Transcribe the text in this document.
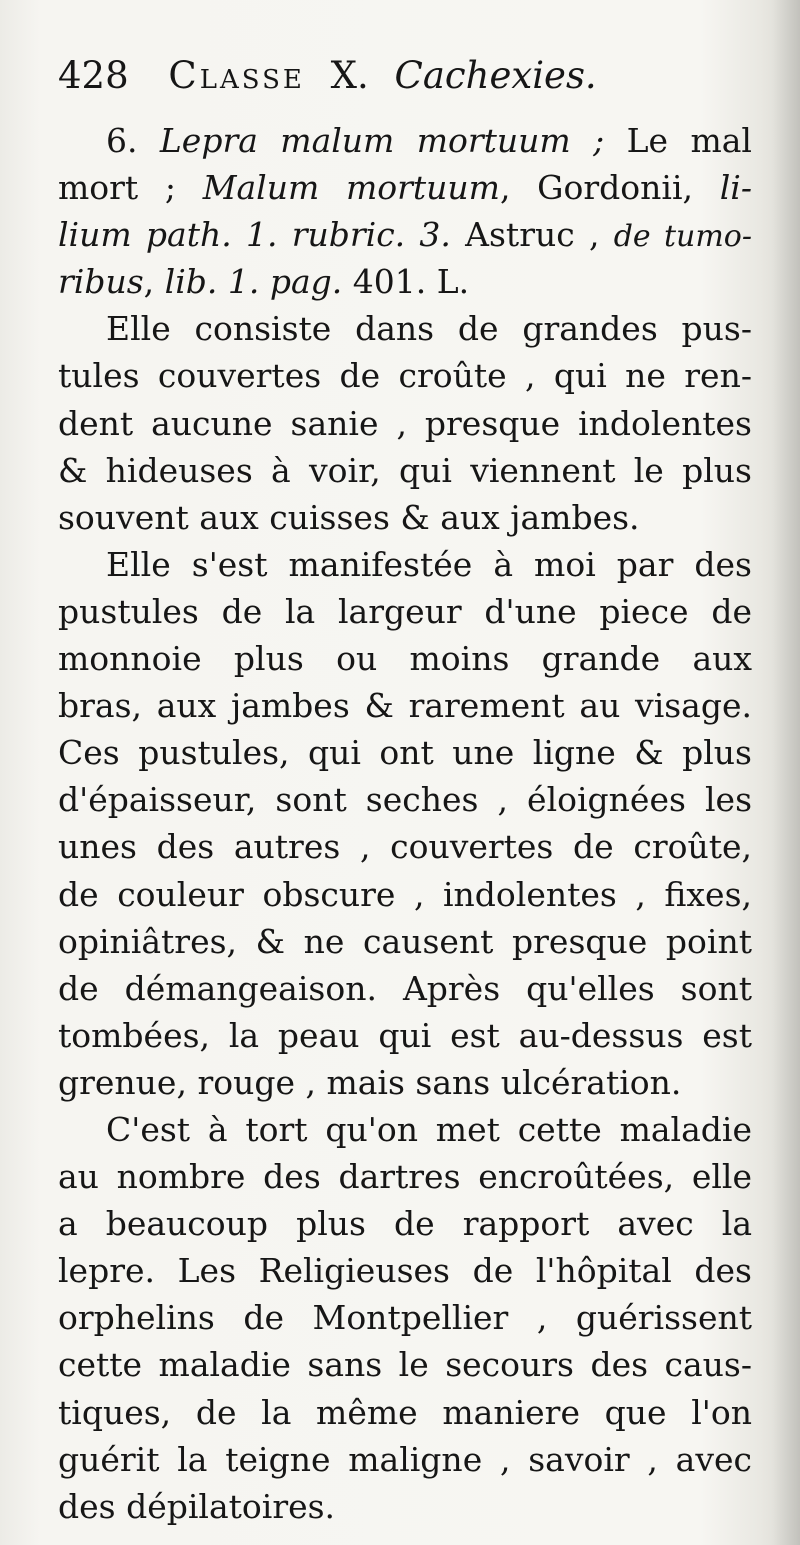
428 Classe X. Cachexies.
6. Lepra malum mortuum ; Le mal
mort ; Malum mortuum, Gordonii, li-
lium path. 1. rubric. 3. Astruc , de tumo-
ribus, lib. 1. pag. 401. L.
Elle consiste dans de grandes pus-
tules couvertes de croûte , qui ne ren-
dent aucune sanie , presque indolentes
& hideuses à voir, qui viennent le plus
souvent aux cuisses & aux jambes.
Elle s'est manifestée à moi par des
pustules de la largeur d'une piece de
monnoie plus ou moins grande aux
bras, aux jambes & rarement au visage.
Ces pustules, qui ont une ligne & plus
d'épaisseur, sont seches , éloignées les
unes des autres , couvertes de croûte,
de couleur obscure , indolentes , fixes,
opiniâtres, & ne causent presque point
de démangeaison. Après qu'elles sont
tombées, la peau qui est au-dessus est
grenue, rouge , mais sans ulcération.
C'est à tort qu'on met cette maladie
au nombre des dartres encroûtées, elle
a beaucoup plus de rapport avec la
lepre. Les Religieuses de l'hôpital des
orphelins de Montpellier , guérissent
cette maladie sans le secours des caus-
tiques, de la même maniere que l'on
guérit la teigne maligne , savoir , avec
des dépilatoires.
